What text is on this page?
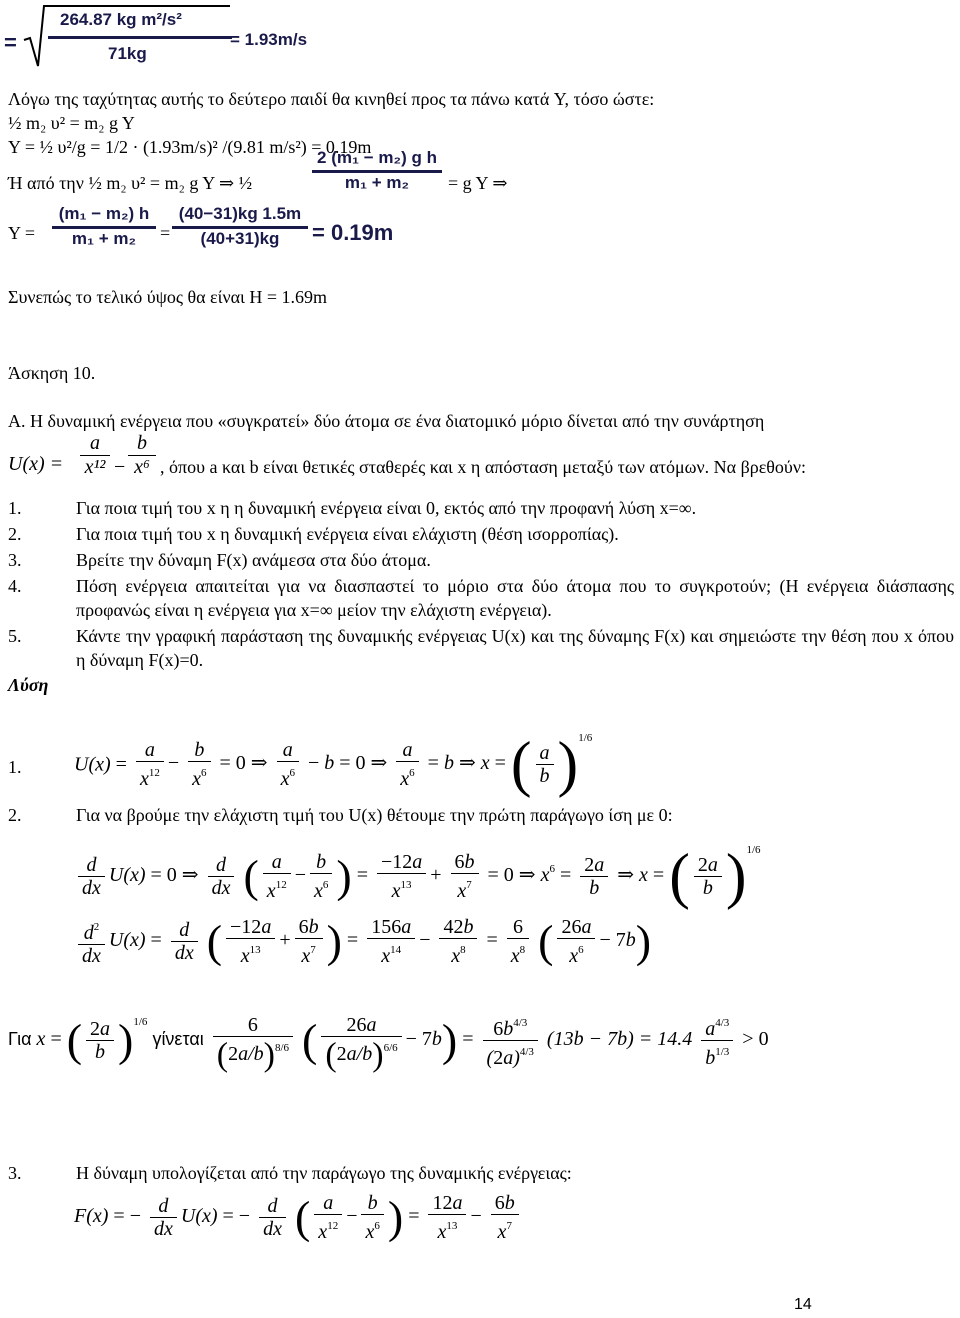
=
264.87 kg m²/s²
71kg
= 1.93m/s
Λόγω της ταχύτητας αυτής το δεύτερο παιδί θα κινηθεί προς τα πάνω κατά Y, τόσο ώστε:
½ m₂ υ² = m₂ g Y
Y = ½ υ²/g = 1/2 · (1.93m/s)² /(9.81 m/s²) = 0.19m
Ή από την ½ m₂ υ² = m₂ g Y ⇒ ½	$\frac{\text{2 (m₁ − m₂) g h}}{\text{m₁ + m₂}} = g$ Y ⇒
$Y = \frac{\text{(m₁ − m₂) h}}{\text{m₁ + m₂}} = \frac{(40-31)kg 1.5m}{(40+31)kg} = 0.19m$
Συνεπώς το τελικό ύψος θα είναι H = 1.69m
Άσκηση 10.
Α. Η δυναμική ενέργεια που «συγκρατεί» δύο άτομα σε ένα διατομικό μόριο δίνεται από την συνάρτηση
$U(x) = \frac{a}{\text{x¹²}} - \frac{b}{\text{x⁶}}$ , όπου a και b είναι θετικές σταθερές και x η απόσταση μεταξύ των ατόμων. Να βρεθούν:
1.	Για ποια τιμή του x η η δυναμική ενέργεια είναι 0, εκτός από την προφανή λύση x=∞.
2.	Για ποια τιμή του x η δυναμική ενέργεια είναι ελάχιστη (θέση ισορροπίας).
3.	Βρείτε την δύναμη F(x) ανάμεσα στα δύο άτομα.
4.	Πόση ενέργεια απαιτείται για να διασπαστεί το μόριο στα δύο άτομα που το συγκροτούν; (Η ενέργεια διάσπασης προφανώς είναι η ενέργεια για x=∞ μείον την ελάχιστη ενέργεια).
5.	Κάντε την γραφική παράσταση της δυναμικής ενέργειας U(x) και της δύναμης F(x) και σημειώστε την θέση που x όπου η δύναμη F(x)=0.
Λύση
1.	$U(x) = \frac{a}{x^{12}} - \frac{b}{x^6} = 0$ ⇒ $\frac{a}{x^6} - b = 0$ ⇒ $\frac{a}{x^6} = b$ ⇒ x = ( $\frac{a}{b} )^{1/6}$
2.	Για να βρούμε την ελάχιστη τιμή του U(x) θέτουμε την πρώτη παράγωγο ίση με 0:
$\frac{d}{dx} U(x) = 0$ ⇒ $\frac{d}{dx}$ ( $\frac{a}{x^{12}} - \frac{b}{x^6}$ ) = $\frac{-12a}{x^{13}} + \frac{6b}{x^7} = 0$ ⇒ $x^6 = \frac{2a}{b}$ ⇒ x = ( $\frac{2a}{b} )^{1/6}$
$\frac{d^2}{dx} U(x) = \frac{d}{dx}$ ( $\frac{-12a}{x^{13}} + \frac{6b}{x^7}$ ) = $\frac{156a}{x^{14}} - \frac{42b}{x^8} = \frac{6}{x^8}$ ( $\frac{26a}{x^6} - 7b$)
Για x = ( $\frac{2a}{b} )^{1/6}$ γίνεται $\frac{6}{(2a/b)^{8/6}}$ ( $\frac{26a}{(2a/b)^{6/6}} - 7b) = \frac{6b^{4/3}}{(2a)^{4/3}} (13b - 7b) = 14.4 \frac{a^{4/3}}{b^{1/3}} > 0$
3.	Η δύναμη υπολογίζεται από την παράγωγο της δυναμικής ενέργειας:
F(x) = − $\frac{d}{dx} U(x)$ = − $\frac{d}{dx}$ ( $\frac{a}{x^{12}} - \frac{b}{x^6}$ ) = $\frac{12a}{x^{13}} - \frac{6b}{x^7}$
14
